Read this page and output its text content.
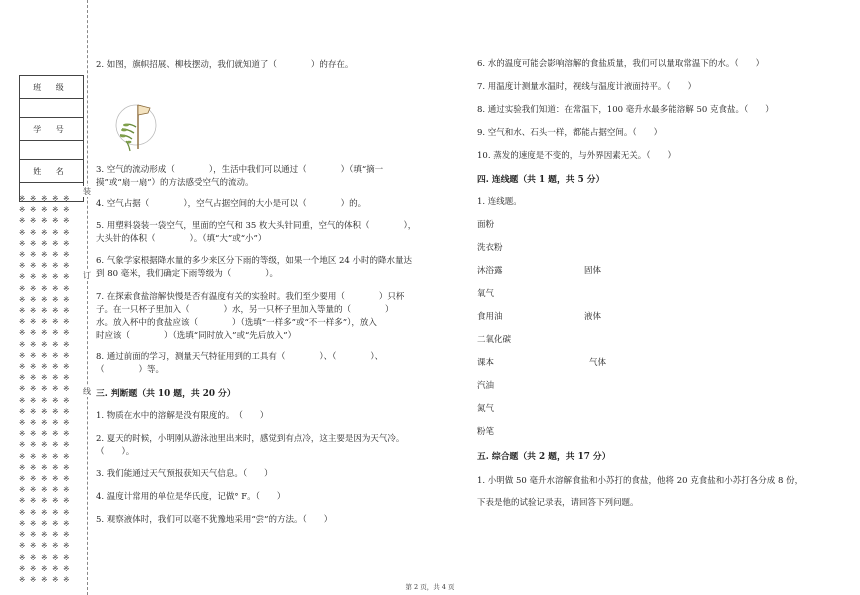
班 级

学 号

姓 名

※ ※ ※ ※ ※
※ ※ ※ ※ ※
※ ※ ※ ※ ※
※ ※ ※ ※ ※
※ ※ ※ ※ ※
※ ※ ※ ※ ※
※ ※ ※ ※ ※
※ ※ ※ ※ ※
※ ※ ※ ※ ※
※ ※ ※ ※ ※
※ ※ ※ ※ ※
※ ※ ※ ※ ※
※ ※ ※ ※ ※
※ ※ ※ ※ ※
※ ※ ※ ※ ※
※ ※ ※ ※ ※
※ ※ ※ ※ ※
※ ※ ※ ※ ※
※ ※ ※ ※ ※
※ ※ ※ ※ ※
※ ※ ※ ※ ※
※ ※ ※ ※ ※
※ ※ ※ ※ ※
※ ※ ※ ※ ※
※ ※ ※ ※ ※
※ ※ ※ ※ ※
※ ※ ※ ※ ※
※ ※ ※ ※ ※
※ ※ ※ ※ ※
※ ※ ※ ※ ※
※ ※ ※ ※ ※
※ ※ ※ ※ ※
※ ※ ※ ※ ※
※ ※ ※ ※ ※
※ ※ ※ ※ ※
装
订
线
2. 如图，旗帜招展、柳枝摆动，我们就知道了（　　　　）的存在。
3. 空气的流动形成（　　　　），生活中我们可以通过（　　　　）（填“摘一
摸”或“扇一扇”）的方法感受空气的流动。
4. 空气占据（　　　　），空气占据空间的大小是可以（　　　　）的。
5. 用塑料袋装一袋空气，里面的空气和 35 枚大头针同重，空气的体积（　　　　），
大头针的体积（　　　　）。（填“大”或“小”）
6. 气象学家根据降水量的多少来区分下雨的等级，如果一个地区 24 小时的降水量达
到 80 毫米，我们确定下雨等级为（　　　　）。
7. 在探索食盐溶解快慢是否有温度有关的实验时。我们至少要用（　　　　）只杯
子。在一只杯子里加入（　　　　）水，另一只杯子里加入等量的（　　　　）
水。放入杯中的食盐应该（　　　　）（选填“一样多”或“不一样多”），放入
时应该（　　　　）（选填“同时放入”或“先后放入”）
8. 通过前面的学习，测量天气特征用到的工具有（　　　　）、（　　　　）、
（　　　　）等。
三. 判断题（共 10 题，共 20 分）
1. 物质在水中的溶解是没有限度的。　（　　）
2. 夏天的时候，小明刚从游泳池里出来时，感觉到有点冷，这主要是因为天气冷。
（　　）。
3. 我们能通过天气预报获知天气信息。（　　）
4. 温度计常用的单位是华氏度，记做° F。（　　）
5. 观察液体时，我们可以毫不犹豫地采用“尝”的方法。（　　）
6. 水的温度可能会影响溶解的食盐质量，我们可以量取常温下的水。（　　）
7. 用温度计测量水温时，视线与温度计液面持平。（　　）
8. 通过实验我们知道：在常温下，100 毫升水最多能溶解 50 克食盐。（　　）
9. 空气和水、石头一样，都能占据空间。（　　）
10. 蒸发的速度是不变的，与外界因素无关。（　　）
四. 连线题（共 1 题，共 5 分）
1. 连线题。
面粉
洗衣粉
沐浴露
氧气
食用油
二氧化碳
课本
汽油
氮气
粉笔
五. 综合题（共 2 题，共 17 分）
1. 小明做 50 毫升水溶解食盐和小苏打的食盐，他将 20 克食盐和小苏打各分成 8 份，
下表是他的试验记录表，请回答下列问题。
固体
液体
气体
第 2 页，共 4 页
